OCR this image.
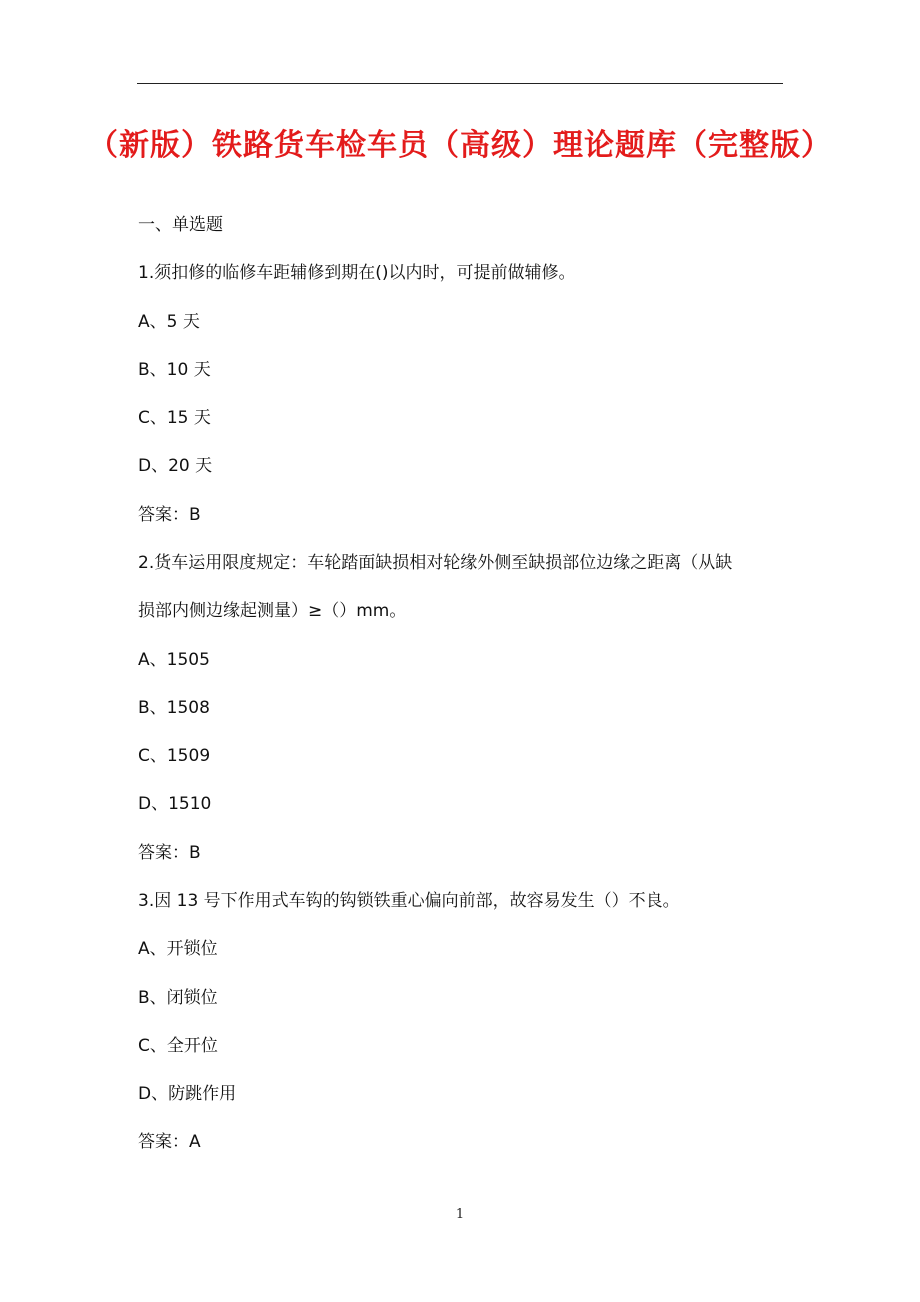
（新版）铁路货车检车员（高级）理论题库（完整版）
一、单选题
1.须扣修的临修车距辅修到期在()以内时，可提前做辅修。
A、5 天
B、10 天
C、15 天
D、20 天
答案：B
2.货车运用限度规定：车轮踏面缺损相对轮缘外侧至缺损部位边缘之距离（从缺
损部内侧边缘起测量）≥（）mm。
A、1505
B、1508
C、1509
D、1510
答案：B
3.因 13 号下作用式车钩的钩锁铁重心偏向前部，故容易发生（）不良。
A、开锁位
B、闭锁位
C、全开位
D、防跳作用
答案：A
1
